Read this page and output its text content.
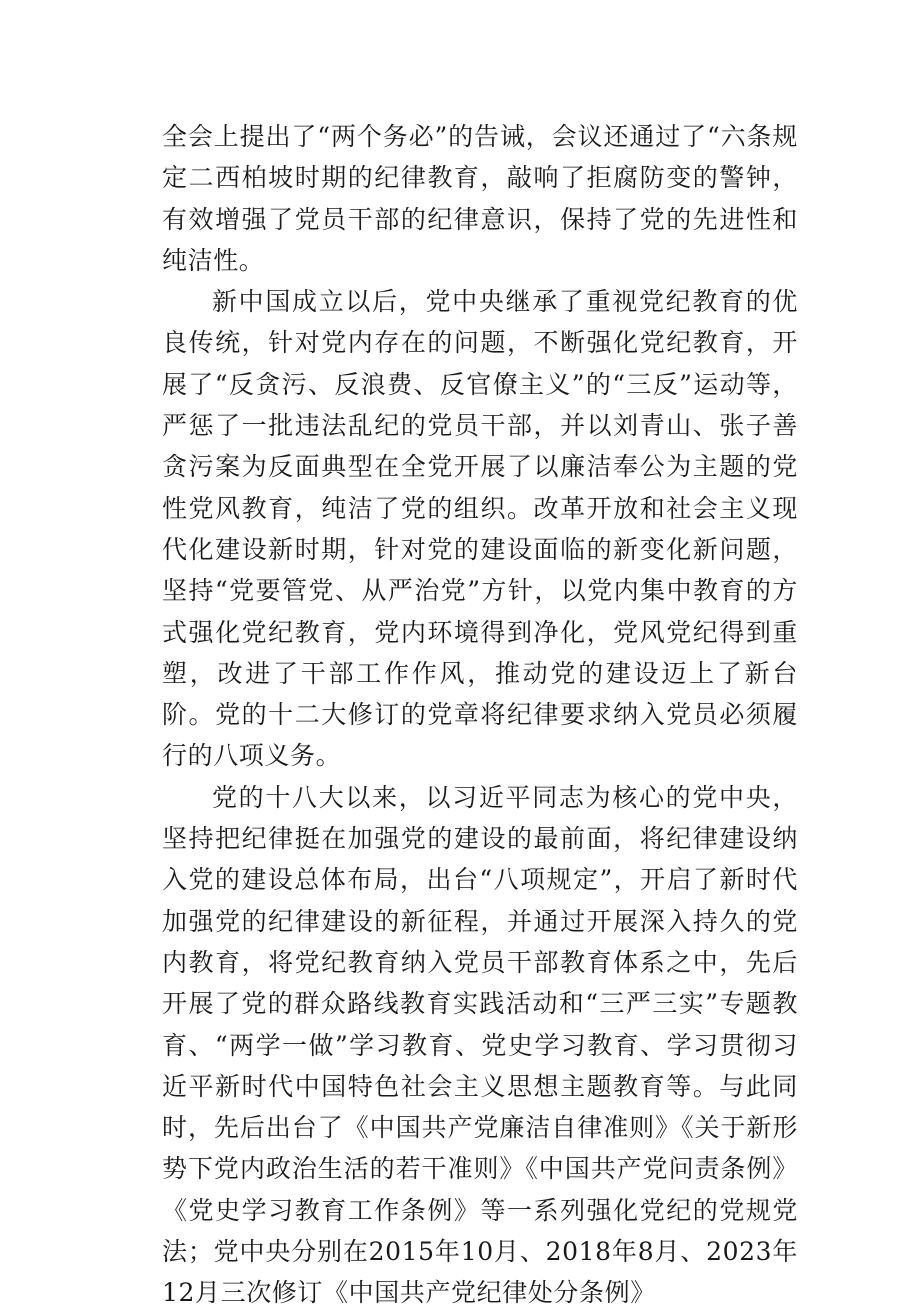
全会上提出了“两个务必”的告诫，会议还通过了“六条规定二西柏坡时期的纪律教育，敲响了拒腐防变的警钟，有效增强了党员干部的纪律意识，保持了党的先进性和纯洁性。

新中国成立以后，党中央继承了重视党纪教育的优良传统，针对党内存在的问题，不断强化党纪教育，开展了“反贪污、反浪费、反官僚主义”的“三反”运动等，严惩了一批违法乱纪的党员干部，并以刘青山、张子善贪污案为反面典型在全党开展了以廉洁奉公为主题的党性党风教育，纯洁了党的组织。改革开放和社会主义现代化建设新时期，针对党的建设面临的新变化新问题，坚持“党要管党、从严治党”方针，以党内集中教育的方式强化党纪教育，党内环境得到净化，党风党纪得到重塑，改进了干部工作作风，推动党的建设迈上了新台阶。党的十二大修订的党章将纪律要求纳入党员必须履行的八项义务。

党的十八大以来，以习近平同志为核心的党中央，坚持把纪律挺在加强党的建设的最前面，将纪律建设纳入党的建设总体布局，出台“八项规定”，开启了新时代加强党的纪律建设的新征程，并通过开展深入持久的党内教育，将党纪教育纳入党员干部教育体系之中，先后开展了党的群众路线教育实践活动和“三严三实”专题教育、“两学一做”学习教育、党史学习教育、学习贯彻习近平新时代中国特色社会主义思想主题教育等。与此同时，先后出台了《中国共产党廉洁自律准则》《关于新形势下党内政治生活的若干准则》《中国共产党问责条例》《党史学习教育工作条例》等一系列强化党纪的党规党法；党中央分别在2015年10月、2018年8月、2023年12月三次修订《中国共产党纪律处分条例》
